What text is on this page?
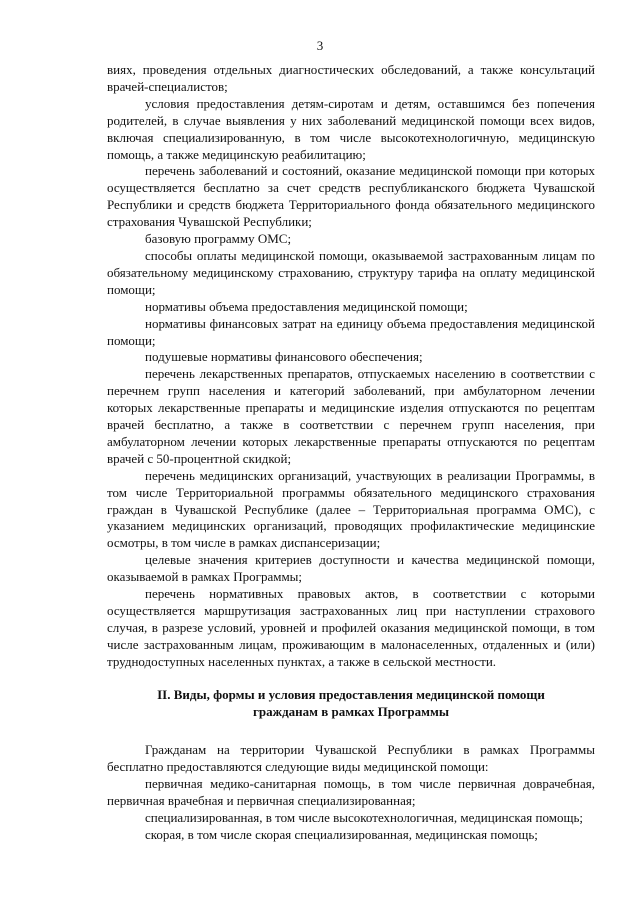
3

виях, проведения отдельных диагностических обследований, а также консультаций врачей-специалистов;

условия предоставления детям-сиротам и детям, оставшимся без попечения родителей, в случае выявления у них заболеваний медицинской помощи всех видов, включая специализированную, в том числе высокотехнологичную, медицинскую помощь, а также медицинскую реабилитацию;

перечень заболеваний и состояний, оказание медицинской помощи при которых осуществляется бесплатно за счет средств республиканского бюджета Чувашской Республики и средств бюджета Территориального фонда обязательного медицинского страхования Чувашской Республики;

базовую программу ОМС;

способы оплаты медицинской помощи, оказываемой застрахованным лицам по обязательному медицинскому страхованию, структуру тарифа на оплату медицинской помощи;

нормативы объема предоставления медицинской помощи;

нормативы финансовых затрат на единицу объема предоставления медицинской помощи;

подушевые нормативы финансового обеспечения;

перечень лекарственных препаратов, отпускаемых населению в соответствии с перечнем групп населения и категорий заболеваний, при амбулаторном лечении которых лекарственные препараты и медицинские изделия отпускаются по рецептам врачей бесплатно, а также в соответствии с перечнем групп населения, при амбулаторном лечении которых лекарственные препараты отпускаются по рецептам врачей с 50-процентной скидкой;

перечень медицинских организаций, участвующих в реализации Программы, в том числе Территориальной программы обязательного медицинского страхования граждан в Чувашской Республике (далее – Территориальная программа ОМС), с указанием медицинских организаций, проводящих профилактические медицинские осмотры, в том числе в рамках диспансеризации;

целевые значения критериев доступности и качества медицинской помощи, оказываемой в рамках Программы;

перечень нормативных правовых актов, в соответствии с которыми осуществляется маршрутизация застрахованных лиц при наступлении страхового случая, в разрезе условий, уровней и профилей оказания медицинской помощи, в том числе застрахованным лицам, проживающим в малонаселенных, отдаленных и (или) труднодоступных населенных пунктах, а также в сельской местности.

II. Виды, формы и условия предоставления медицинской помощи
гражданам в рамках Программы

Гражданам на территории Чувашской Республики в рамках Программы бесплатно предоставляются следующие виды медицинской помощи:

первичная медико-санитарная помощь, в том числе первичная доврачебная, первичная врачебная и первичная специализированная;

специализированная, в том числе высокотехнологичная, медицинская помощь;

скорая, в том числе скорая специализированная, медицинская помощь;
